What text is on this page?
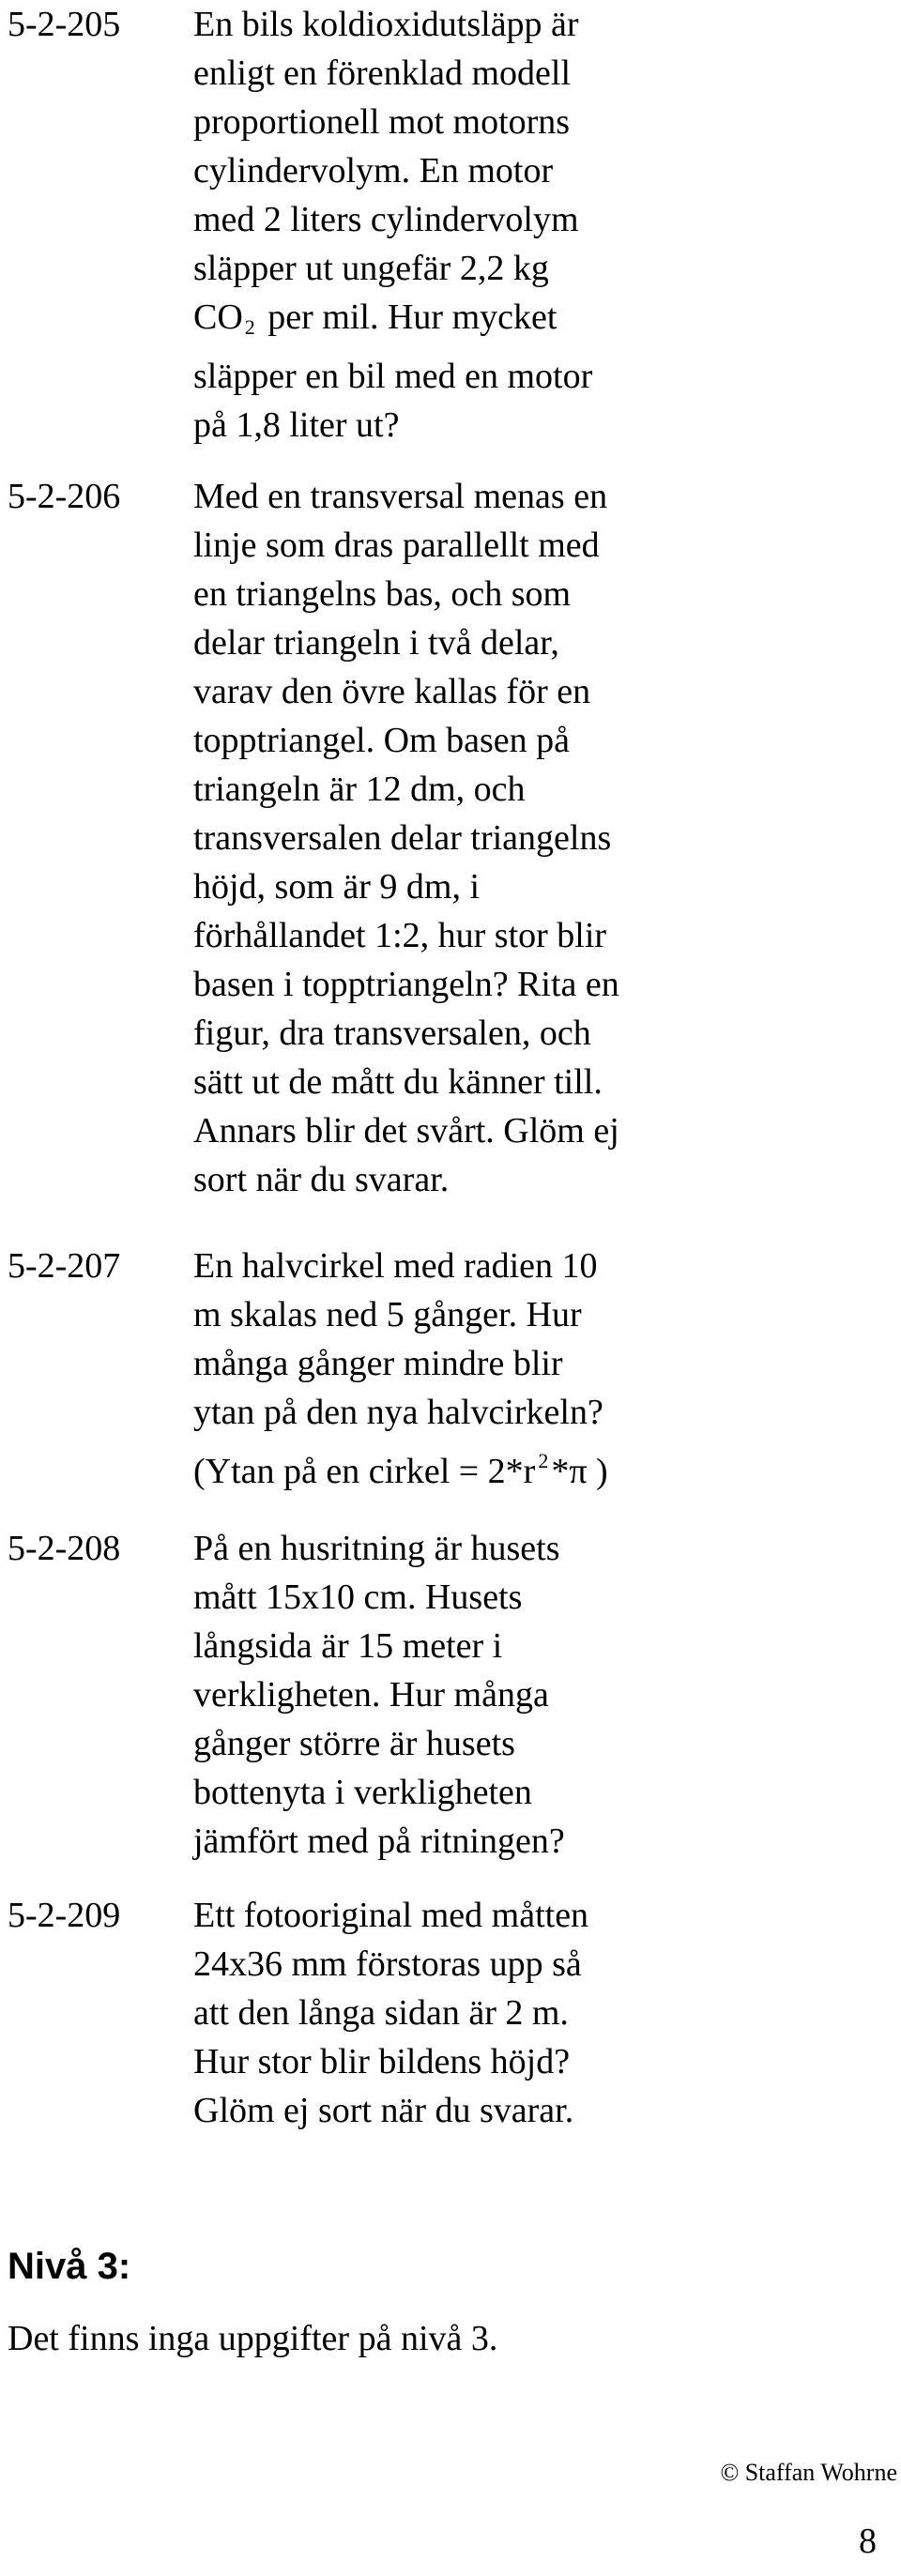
5-2-205 En bils koldioxidutsläpp är
enligt en förenklad modell
proportionell mot motorns
cylindervolym. En motor
med 2 liters cylindervolym
släpper ut ungefär 2,2 kg
$CO_2$ per mil. Hur mycket
släpper en bil med en motor
på 1,8 liter ut?
5-2-206 Med en transversal menas en
linje som dras parallellt med
en triangelns bas, och som
delar triangeln i två delar,
varav den övre kallas för en
topptriangel. Om basen på
triangeln är 12 dm, och
transversalen delar triangelns
höjd, som är 9 dm, i
förhållandet 1:2, hur stor blir
basen i topptriangeln? Rita en
figur, dra transversalen, och
sätt ut de mått du känner till.
Annars blir det svårt. Glöm ej
sort när du svarar.
5-2-207 En halvcirkel med radien 10
m skalas ned 5 gånger. Hur
många gånger mindre blir
ytan på den nya halvcirkeln?
(Ytan på en cirkel = 2*r $^2$*π )
5-2-208 På en husritning är husets
mått 15x10 cm. Husets
långsida är 15 meter i
verkligheten. Hur många
gånger större är husets
bottenyta i verkligheten
jämfört med på ritningen?
5-2-209 Ett fotooriginal med måtten
24x36 mm förstoras upp så
att den långa sidan är 2 m.
Hur stor blir bildens höjd?
Glöm ej sort när du svarar.
Nivå 3:
Det finns inga uppgifter på nivå 3.
© Staffan Wohrne
8
